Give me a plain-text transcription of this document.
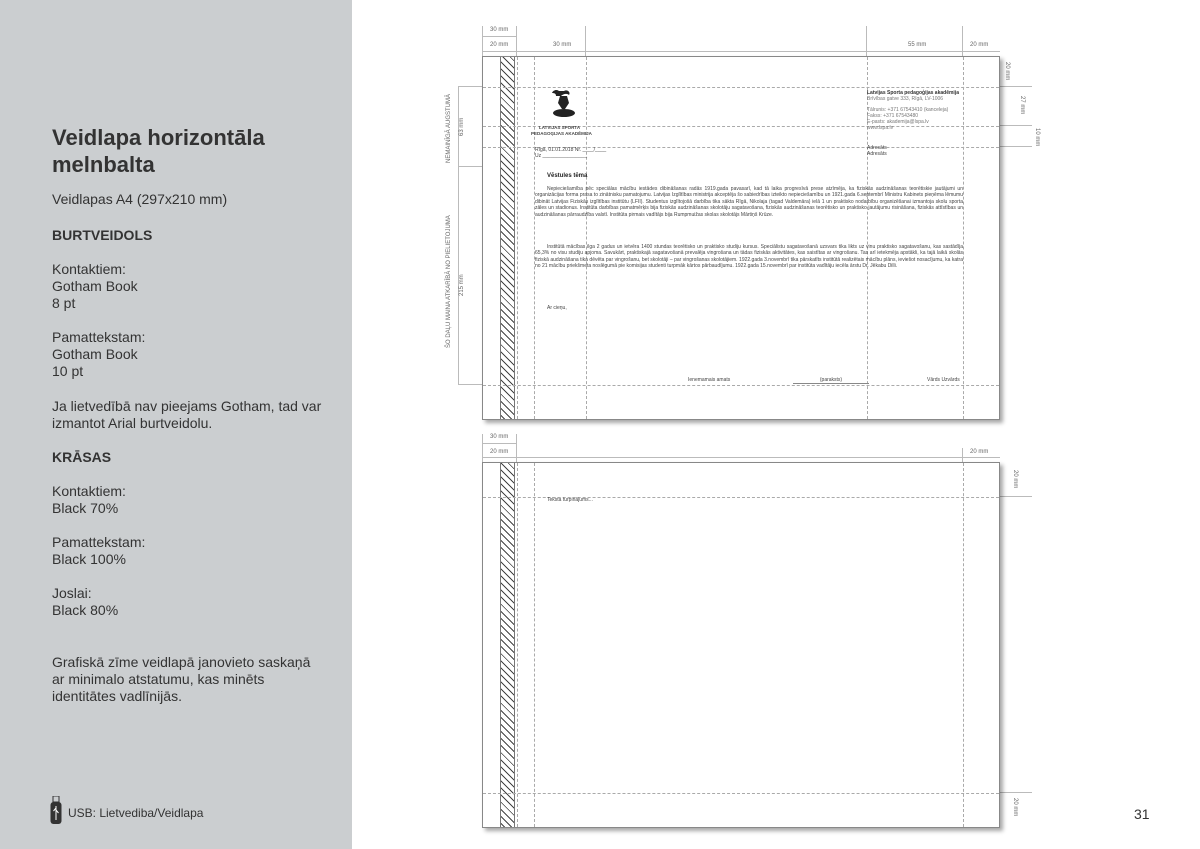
Veidlapa horizontāla melnbalta
Veidlapas A4 (297x210 mm)
BURTVEIDOLS
Kontaktiem:
Gotham Book
8 pt
Pamattekstam:
Gotham Book
10 pt
Ja lietvedībā nav pieejams Gotham, tad var izmantot Arial burtveidolu.
KRĀSAS
Kontaktiem:
Black 70%
Pamattekstam:
Black 100%
Joslai:
Black 80%
Grafiskā zīme veidlapā janovieto saskaņā ar minimalo atstatumu, kas minēts identitātes vadlīnijās.
USB: Lietvediba/Veidlapa	31
30 mm
20 mm	30 mm	55 mm	20 mm
20 mm
27 mm
10 mm
NEMAINĪGĀ AUGSTUMĀ 63 mm
ŠO DAĻU MAINA ATKARĪBĀ NO PIELIETOJUMA 215 mm
LATVIJAS SPORTA
PEDAGOĢIJAS AKADĒMIJA
Latvijas Sporta pedagoģijas akadēmija
Brīvības gatve 333, Rīgā, LV-1006
Tālrunis: +371 67543410 (kanceleja)
Fakss: +371 67543480
E-pasts: akademija@lspa.lv
www.lspa.lv
Rīgā, 01.01.2018 Nr. ____/____
Uz ________________
Adresāts
Adresāts
Vēstules tēma
Nepieciešamība pēc speciālas mācību iestādes dibināšanas radās 1919.gada pavasarī, kad tā laika progresīvā prese atzīmēja, ka fiziskās audzināšanas teorētiskie jautājumi un organizācijas forma prasa to zinātnisku pamatojumu. Latvijas Izglītības ministrija akceptēja šo sabiedrības izteikto nepieciešamību un 1921.gada 6.septembrī Ministru Kabinets pieņēma lēmumu dibināt Latvijas Fiziskās izglītības institūtu (LFII). Studentus izglītojošā darbība tika sākta Rīgā, Nikolaja (tagad Valdemāra) ielā 1 un praktisko nodarbību organizēšanai izmantoja skolu sporta zāles un stadionus. Institūta darbības pamatmērķis bija fiziskās audzināšanas skolotāju sagatavošana, fiziskās audzināšanas teorētisko un praktisko jautājumu risināšana, fiziskās attīstības un audzināšanas pārraudzība valstī. Institūta pirmais vadītājs bija Rumpmuižas skolas skolotājs Mārtiņš Krūze.
Institūtā mācības ilga 2 gadus un ietvēra 1400 stundas teorētisko un praktisko studiju kursus. Speciālistu sagatavošanā uzsvars tika likts uz vinu praktisko sagatavošanu, kas sastādīja 65,3% no visu studiju apjoma. Savukārt, praktiskajā sagatavošanā prevalēja vingrošana un tādas fiziskās aktivitātes, kas saistītas ar vingrošanu. Tas arī ietekmēja apstākli, ka tajā laikā skolās fiziskā audzināšana tika dēvēta par vingrošanu, bet skolotāji – par vingrošanas skolotājiem. 1922.gada 3.novembrī tika pārskatīts institūtā realizētais mācību plāns, ieviešot nosacījumu, ka katra no 21 mācību priekšmeta noslēgumā pie komisijas studenti turpmāk kārtos pārbaudījumu. 1922.gada 15.novembrī par institūta vadītāju iecēla ārstu Dr. Jēkabu Dilli.
Ar cieņu,
Ienemamais amats	(paraksts)	Vārds Uzvārds
30 mm
20 mm	20 mm
20 mm
20 mm
Teksta turpinājums...
